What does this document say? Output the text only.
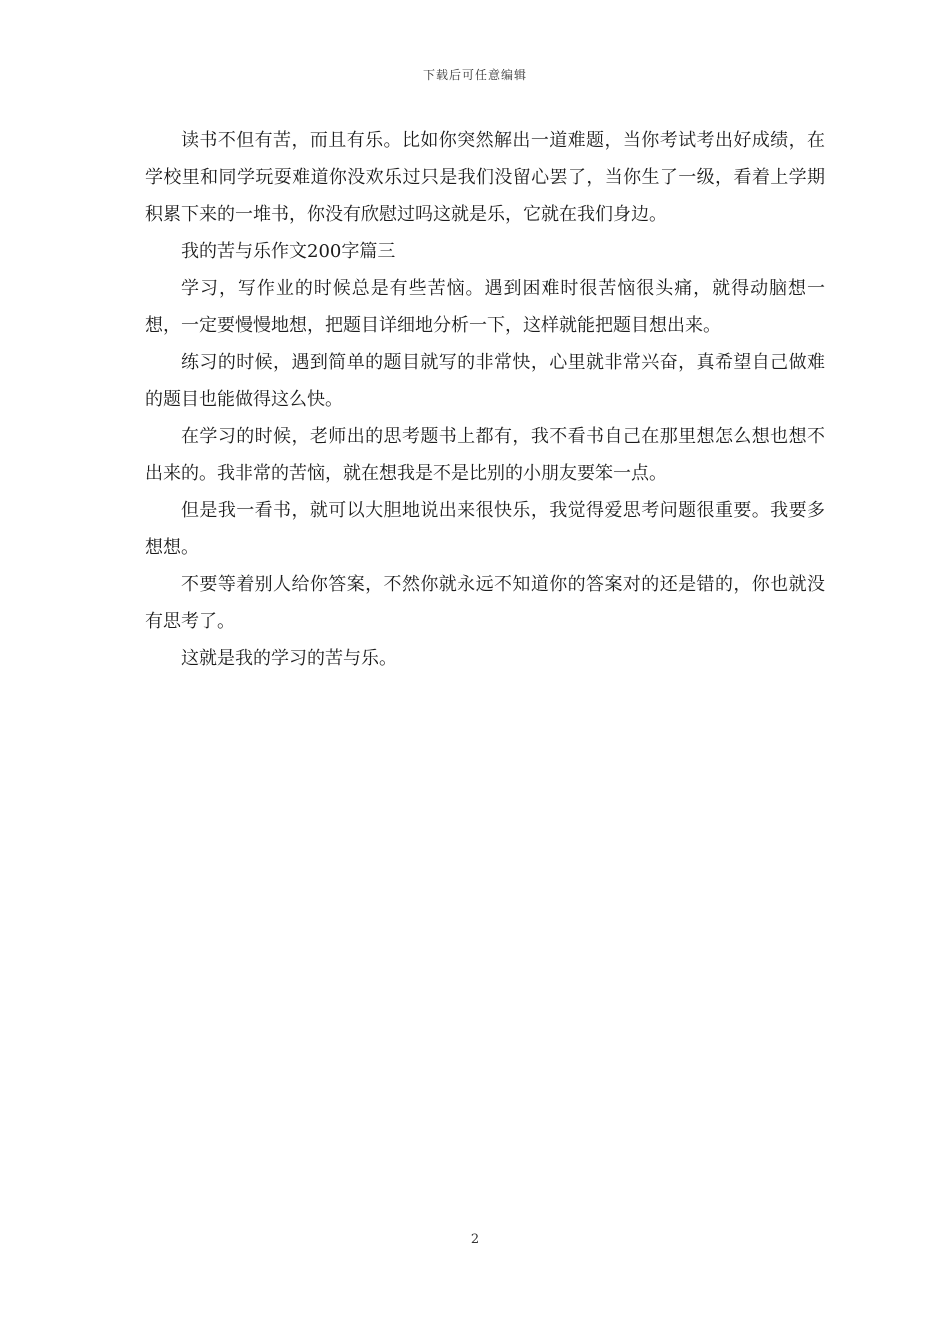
下载后可任意编辑

读书不但有苦，而且有乐。比如你突然解出一道难题，当你考试考出好成绩，在学校里和同学玩耍难道你没欢乐过只是我们没留心罢了，当你生了一级，看着上学期积累下来的一堆书，你没有欣慰过吗这就是乐，它就在我们身边。

我的苦与乐作文200字篇三

学习，写作业的时候总是有些苦恼。遇到困难时很苦恼很头痛，就得动脑想一想，一定要慢慢地想，把题目详细地分析一下，这样就能把题目想出来。

练习的时候，遇到简单的题目就写的非常快，心里就非常兴奋，真希望自己做难的题目也能做得这么快。

在学习的时候，老师出的思考题书上都有，我不看书自己在那里想怎么想也想不出来的。我非常的苦恼，就在想我是不是比别的小朋友要笨一点。

但是我一看书，就可以大胆地说出来很快乐，我觉得爱思考问题很重要。我要多想想。

不要等着别人给你答案，不然你就永远不知道你的答案对的还是错的，你也就没有思考了。

这就是我的学习的苦与乐。

2
